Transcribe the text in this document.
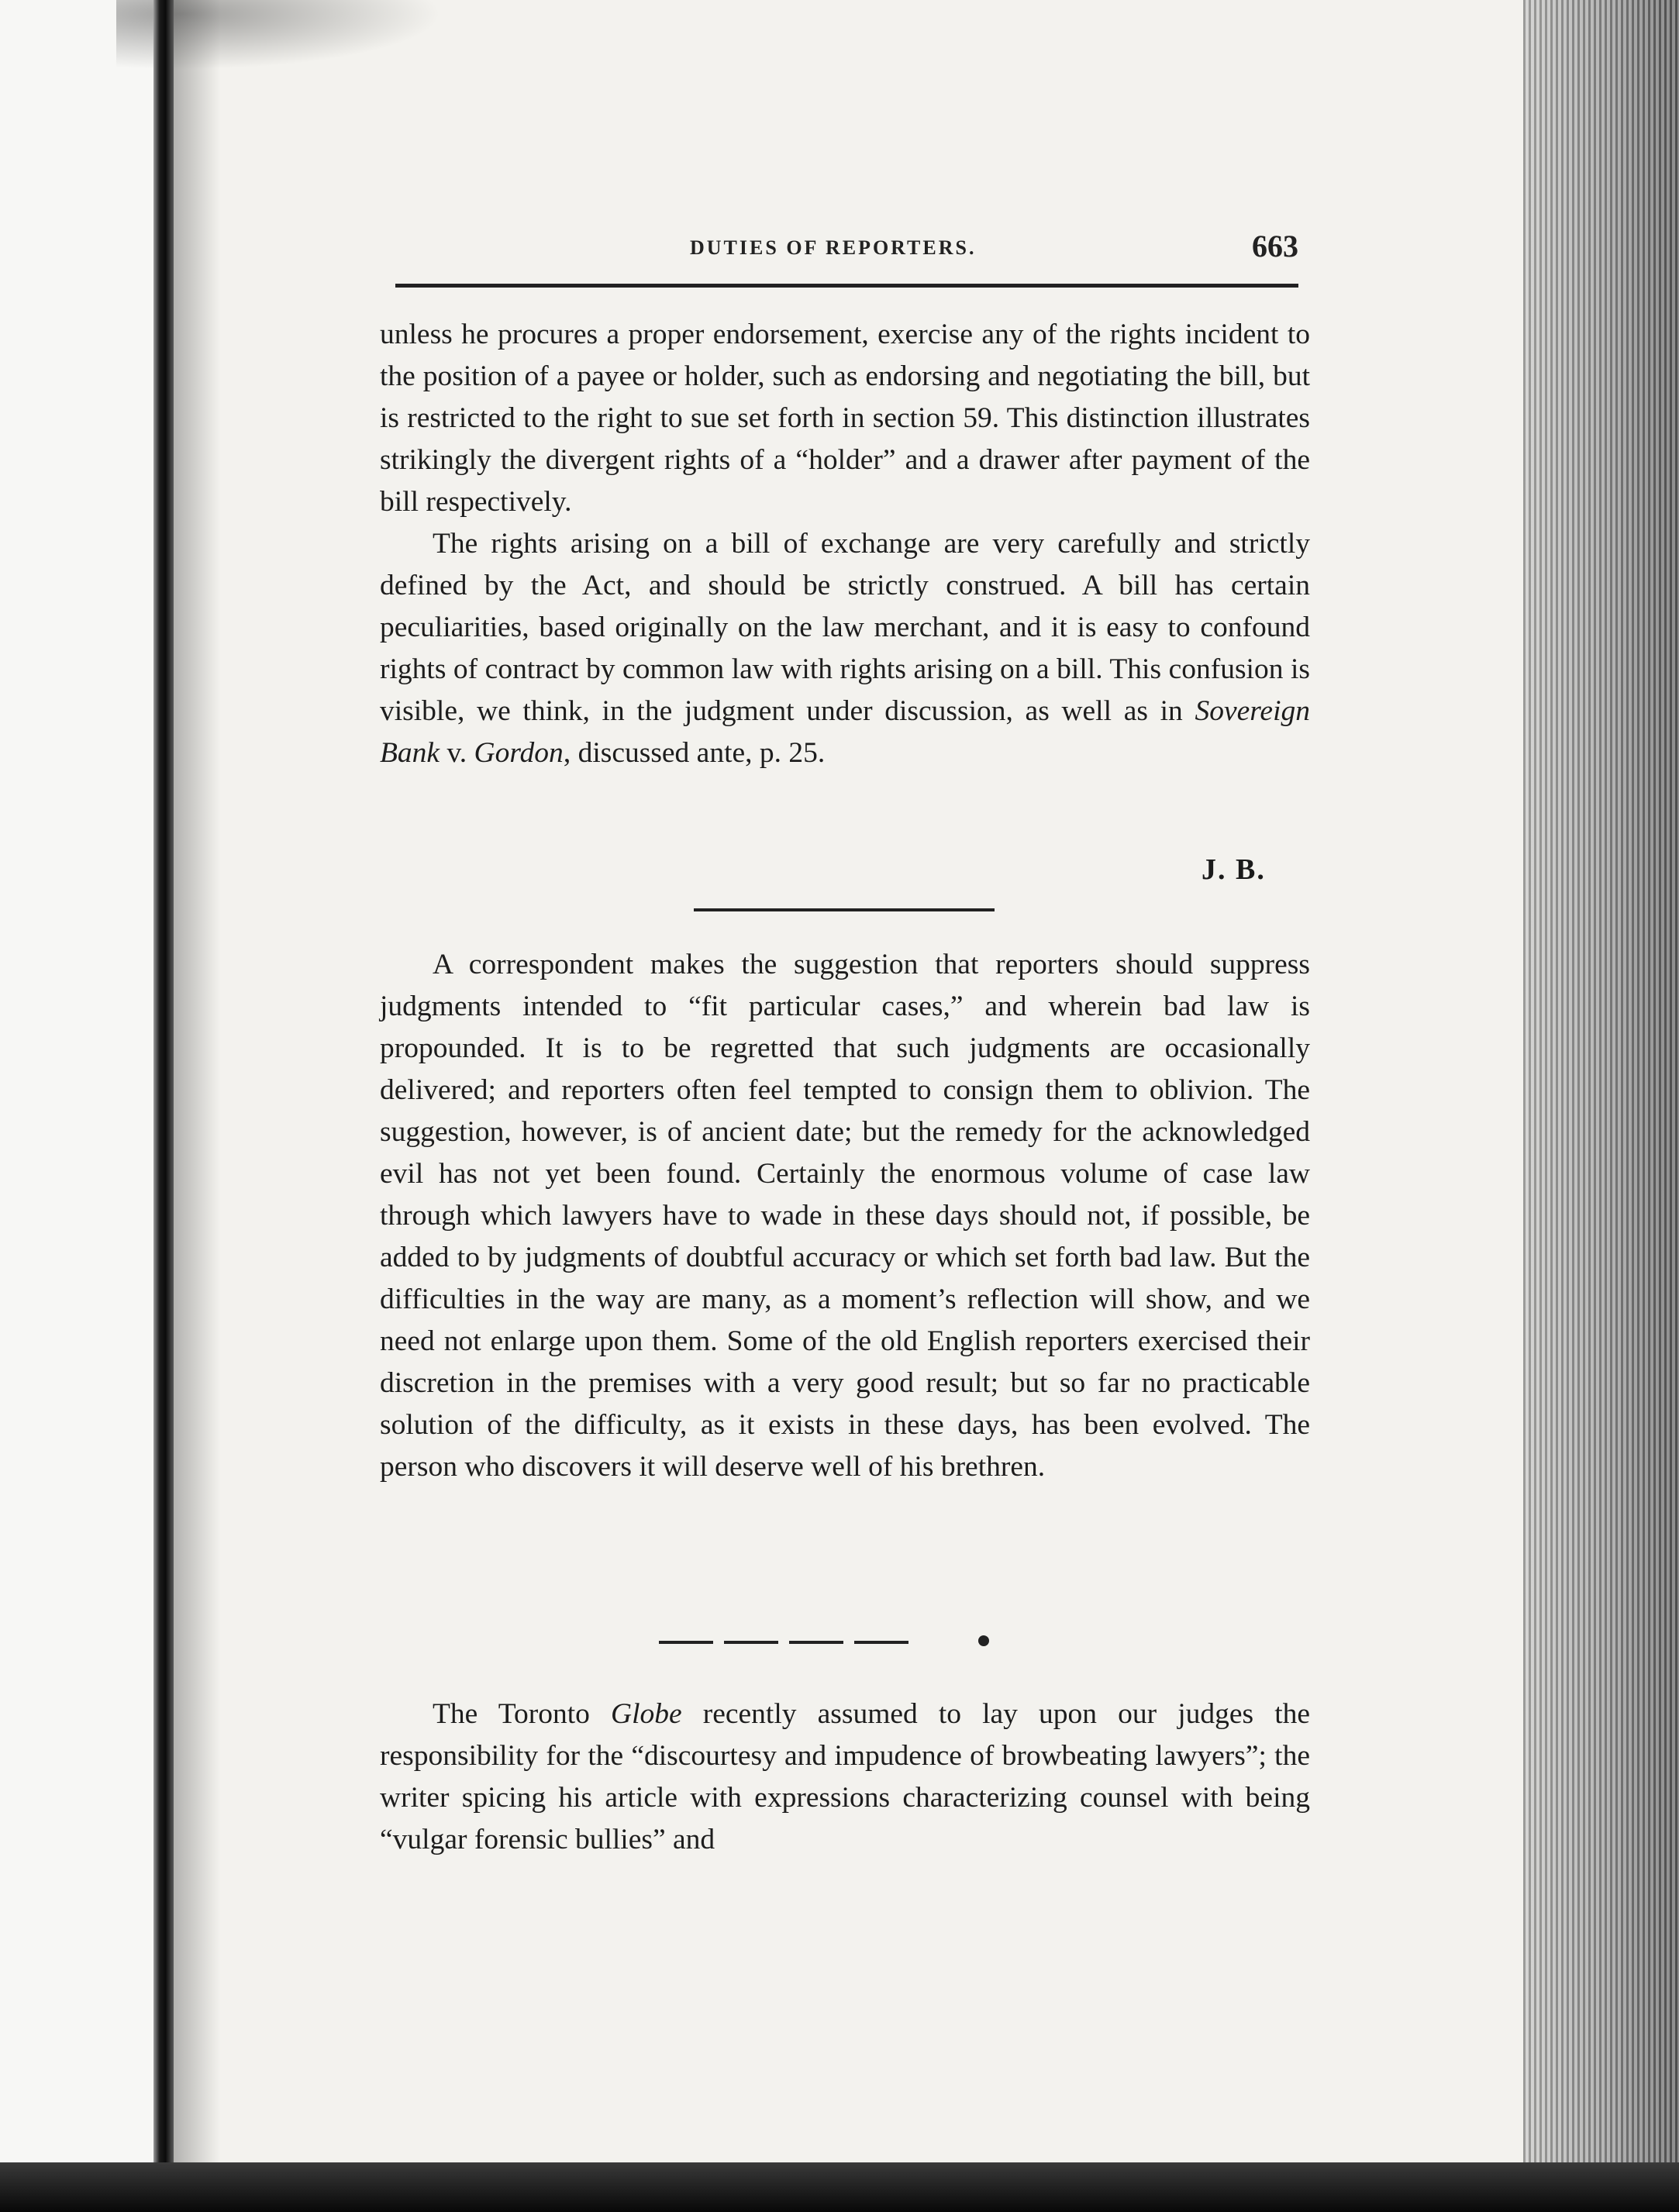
DUTIES OF REPORTERS.	663

unless he procures a proper endorsement, exercise any of the rights incident to the position of a payee or holder, such as endorsing and negotiating the bill, but is restricted to the right to sue set forth in section 59. This distinction illustrates strikingly the divergent rights of a “holder” and a drawer after payment of the bill respectively.

The rights arising on a bill of exchange are very carefully and strictly defined by the Act, and should be strictly construed. A bill has certain peculiarities, based originally on the law merchant, and it is easy to confound rights of contract by common law with rights arising on a bill. This confusion is visible, we think, in the judgment under discussion, as well as in Sovereign Bank v. Gordon, discussed ante, p. 25.

J. B.

A correspondent makes the suggestion that reporters should suppress judgments intended to “fit particular cases,” and wherein bad law is propounded. It is to be regretted that such judgments are occasionally delivered; and reporters often feel tempted to consign them to oblivion. The suggestion, however, is of ancient date; but the remedy for the acknowledged evil has not yet been found. Certainly the enormous volume of case law through which lawyers have to wade in these days should not, if possible, be added to by judgments of doubtful accuracy or which set forth bad law. But the difficulties in the way are many, as a moment’s reflection will show, and we need not enlarge upon them. Some of the old English reporters exercised their discretion in the premises with a very good result; but so far no practicable solution of the difficulty, as it exists in these days, has been evolved. The person who discovers it will deserve well of his brethren.

The Toronto Globe recently assumed to lay upon our judges the responsibility for the “discourtesy and impudence of browbeating lawyers”; the writer spicing his article with expressions characterizing counsel with being “vulgar forensic bullies” and
